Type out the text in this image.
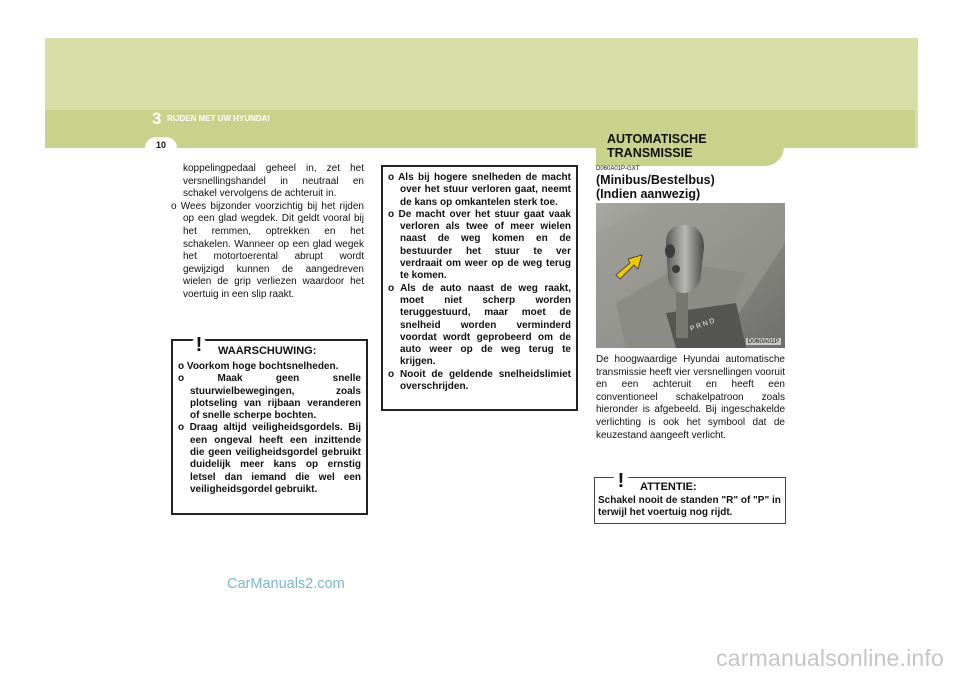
3 RIJDEN MET UW HYUNDAI
10

koppelingpedaal geheel in, zet het versnellingshandel in neutraal en schakel vervolgens de achteruit in.

o Wees bijzonder voorzichtig bij het rijden op een glad wegdek. Dit geldt vooral bij het remmen, optrekken en het schakelen. Wanneer op een glad wegek het motortoerental abrupt wordt gewijzigd kunnen de aangedreven wielen de grip verliezen waardoor het voertuig in een slip raakt.

o Voorkom hoge bochtsnelheden.

o Maak geen snelle stuurwielbewegingen, zoals plotseling van rijbaan veranderen of snelle scherpe bochten.

o Draag altijd veiligheidsgordels. Bij een ongeval heeft een inzittende die geen veiligheidsgordel gebruikt duidelijk meer kans op ernstig letsel dan iemand die wel een veiligheidsgordel gebruikt.

! WAARSCHUWING:

o Als bij hogere snelheden de macht over het stuur verloren gaat, neemt de kans op omkantelen sterk toe.

o De macht over het stuur gaat vaak verloren als twee of meer wielen naast de weg komen en de bestuurder het stuur te ver verdraait om weer op de weg terug te komen.

o Als de auto naast de weg raakt, moet niet scherp worden teruggestuurd, maar moet de snelheid worden verminderd voordat wordt geprobeerd om de auto weer op de weg terug te krijgen.

o Nooit de geldende snelheidslimiet overschrijden.

AUTOMATISCHE TRANSMISSIE
D060A01P-GXT
(Minibus/Bestelbus) (Indien aanwezig)
P R N D
D060A01P
De hoogwaardige Hyundai automatische transmissie heeft vier versnellingen vooruit en een achteruit en heeft een conventioneel schakelpatroon zoals hieronder is afgebeeld. Bij ingeschakelde verlichting is ook het symbool dat de keuzestand aangeeft verlicht.
Schakel nooit de standen "R" of "P" in terwijl het voertuig nog rijdt.
! ATTENTIE:
CarManuals2.com
carmanualsonline.info
